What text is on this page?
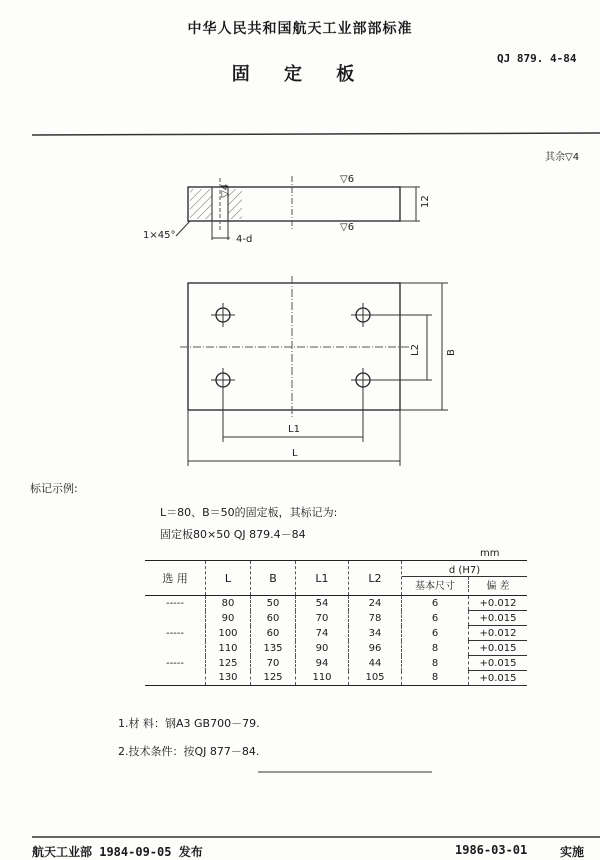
中华人民共和国航天工业部部标准
固 定 板
QJ 879. 4-84
其余▽4
▽6
▽6
▽4
12
1×45°	4-d
L2	B
L1
L
标记示例:
L＝80、B＝50的固定板，其标记为:
固定板80×50 QJ 879.4－84
mm
选 用	L	B	L1	L2	d (H7)
基本尺寸 偏 差	

-----	80	50	54	24	6	+0.012
	90	60	70	78	6	+0.015
-----	100	60	74	34	6	+0.012
	110	135	90	96	8	+0.015
-----	125	70	94	44	8	+0.015
	130	125	110	105	8	+0.015
1.材 料：钢A3 GB700－79.
2.技术条件：按QJ 877－84.
航天工业部 1984-09-05 发布	1986-03-01	实施
